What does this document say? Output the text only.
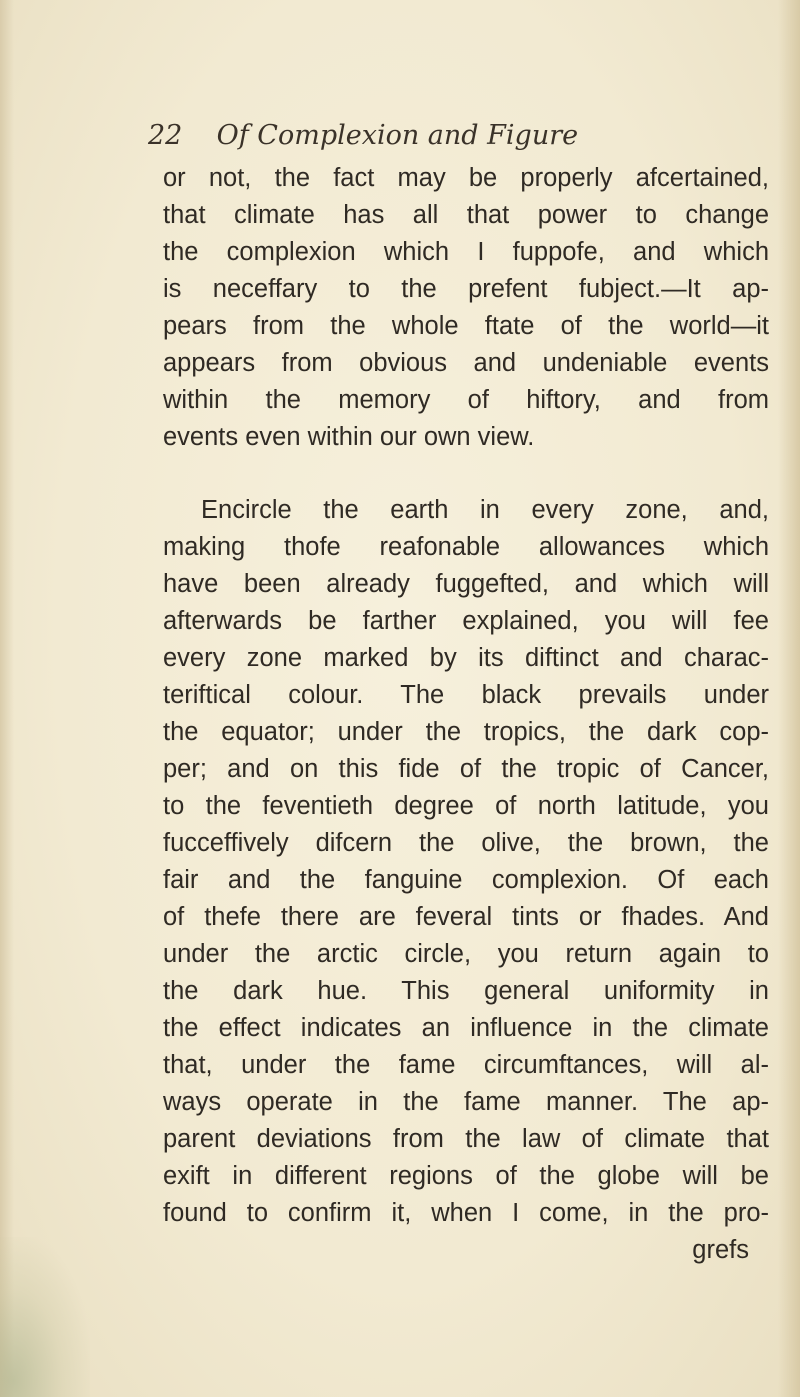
22 Of Complexion and Figure
or not, the fact may be properly afcertained,
that climate has all that power to change
the complexion which I fuppofe, and which
is neceffary to the prefent fubject.—It ap-
pears from the whole ftate of the world—it
appears from obvious and undeniable events
within the memory of hiftory, and from
events even within our own view.
Encircle the earth in every zone, and,
making thofe reafonable allowances which
have been already fuggefted, and which will
afterwards be farther explained, you will fee
every zone marked by its diftinct and charac-
teriftical colour. The black prevails under
the equator; under the tropics, the dark cop-
per; and on this fide of the tropic of Cancer,
to the feventieth degree of north latitude, you
fucceffively difcern the olive, the brown, the
fair and the fanguine complexion. Of each
of thefe there are feveral tints or fhades. And
under the arctic circle, you return again to
the dark hue. This general uniformity in
the effect indicates an influence in the climate
that, under the fame circumftances, will al-
ways operate in the fame manner. The ap-
parent deviations from the law of climate that
exift in different regions of the globe will be
found to confirm it, when I come, in the pro-
grefs
